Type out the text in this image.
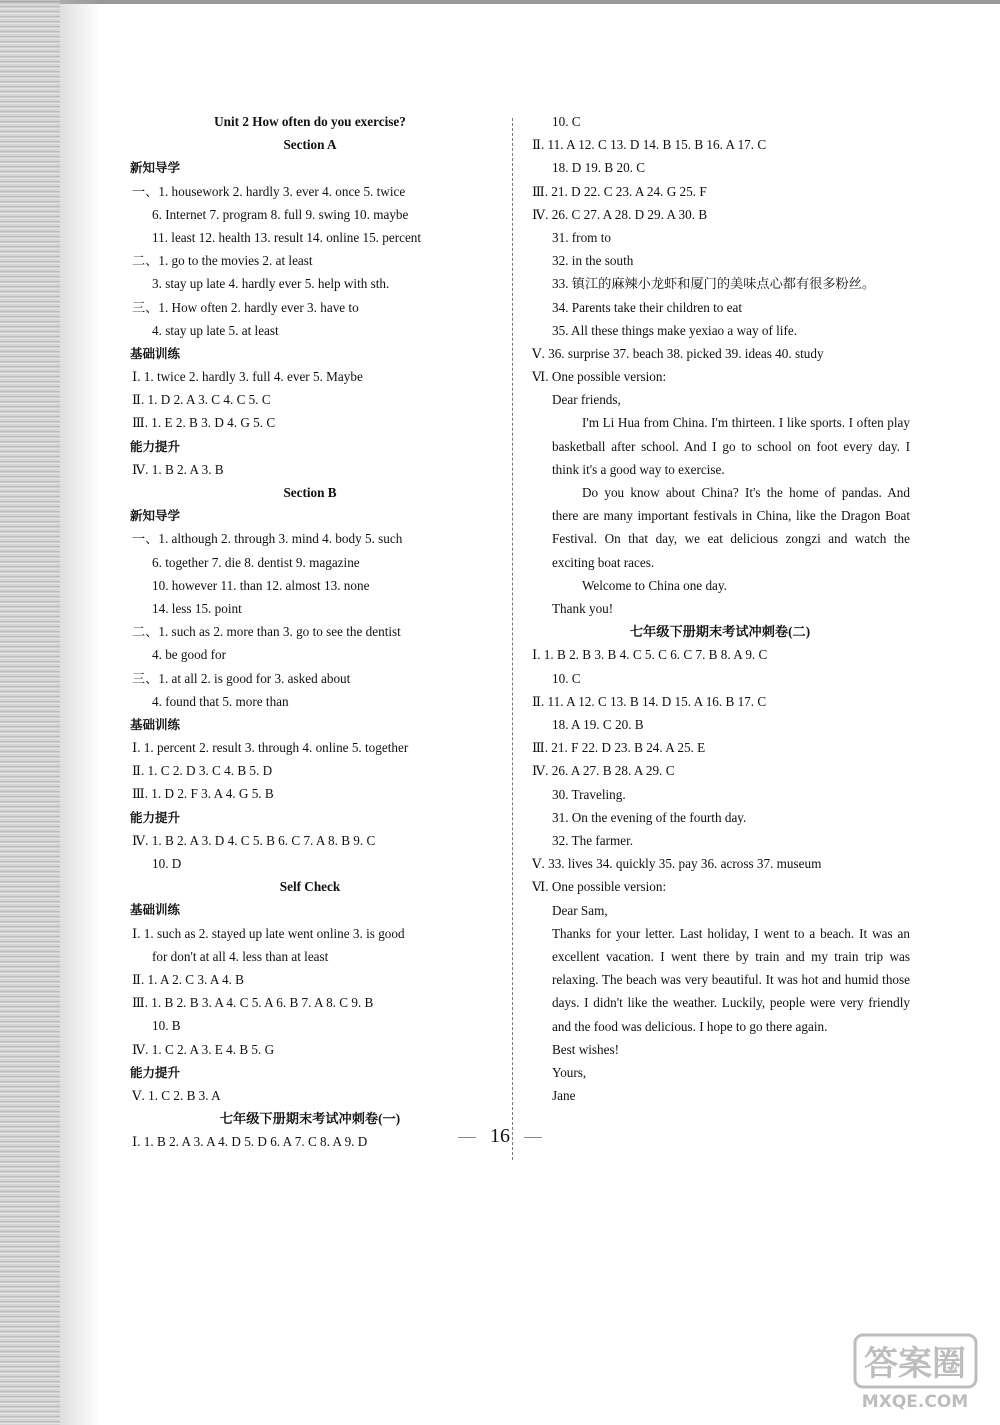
Unit 2 How often do you exercise?
Section A
新知导学
一、1. housework 2. hardly 3. ever 4. once 5. twice
6. Internet 7. program 8. full 9. swing 10. maybe
11. least 12. health 13. result 14. online 15. percent
二、1. go to the movies 2. at least
3. stay up late 4. hardly ever 5. help with sth.
三、1. How often 2. hardly ever 3. have to
4. stay up late 5. at least
基础训练
Ⅰ. 1. twice 2. hardly 3. full 4. ever 5. Maybe
Ⅱ. 1. D 2. A 3. C 4. C 5. C
Ⅲ. 1. E 2. B 3. D 4. G 5. C
能力提升
Ⅳ. 1. B 2. A 3. B
Section B
新知导学
一、1. although 2. through 3. mind 4. body 5. such
6. together 7. die 8. dentist 9. magazine
10. however 11. than 12. almost 13. none
14. less 15. point
二、1. such as 2. more than 3. go to see the dentist
4. be good for
三、1. at all 2. is good for 3. asked about
4. found that 5. more than
基础训练
Ⅰ. 1. percent 2. result 3. through 4. online 5. together
Ⅱ. 1. C 2. D 3. C 4. B 5. D
Ⅲ. 1. D 2. F 3. A 4. G 5. B
能力提升
Ⅳ. 1. B 2. A 3. D 4. C 5. B 6. C 7. A 8. B 9. C
10. D
Self Check
基础训练
Ⅰ. 1. such as 2. stayed up late went online 3. is good
for don't at all 4. less than at least
Ⅱ. 1. A 2. C 3. A 4. B
Ⅲ. 1. B 2. B 3. A 4. C 5. A 6. B 7. A 8. C 9. B
10. B
Ⅳ. 1. C 2. A 3. E 4. B 5. G
能力提升
Ⅴ. 1. C 2. B 3. A
七年级下册期末考试冲刺卷(一)
Ⅰ. 1. B 2. A 3. A 4. D 5. D 6. A 7. C 8. A 9. D
10. C
Ⅱ. 11. A 12. C 13. D 14. B 15. B 16. A 17. C
18. D 19. B 20. C
Ⅲ. 21. D 22. C 23. A 24. G 25. F
Ⅳ. 26. C 27. A 28. D 29. A 30. B
31. from to
32. in the south
33. 镇江的麻辣小龙虾和厦门的美味点心都有很多粉丝。
34. Parents take their children to eat
35. All these things make yexiao a way of life.
Ⅴ. 36. surprise 37. beach 38. picked 39. ideas 40. study
Ⅵ. One possible version:
Dear friends,

I'm Li Hua from China. I'm thirteen. I like sports. I often play basketball after school. And I go to school on foot every day. I think it's a good way to exercise.

Do you know about China? It's the home of pandas. And there are many important festivals in China, like the Dragon Boat Festival. On that day, we eat delicious zongzi and watch the exciting boat races.

Welcome to China one day.

Thank you!
七年级下册期末考试冲刺卷(二)
Ⅰ. 1. B 2. B 3. B 4. C 5. C 6. C 7. B 8. A 9. C
10. C
Ⅱ. 11. A 12. C 13. B 14. D 15. A 16. B 17. C
18. A 19. C 20. B
Ⅲ. 21. F 22. D 23. B 24. A 25. E
Ⅳ. 26. A 27. B 28. A 29. C
30. Traveling.
31. On the evening of the fourth day.
32. The farmer.
Ⅴ. 33. lives 34. quickly 35. pay 36. across 37. museum
Ⅵ. One possible version:
Dear Sam,

Thanks for your letter. Last holiday, I went to a beach. It was an excellent vacation. I went there by train and my train trip was relaxing. The beach was very beautiful. It was hot and humid those days. I didn't like the weather. Luckily, people were very friendly and the food was delicious. I hope to go there again.

Best wishes!
Yours,
Jane
16
答案圈
MXQE.COM
